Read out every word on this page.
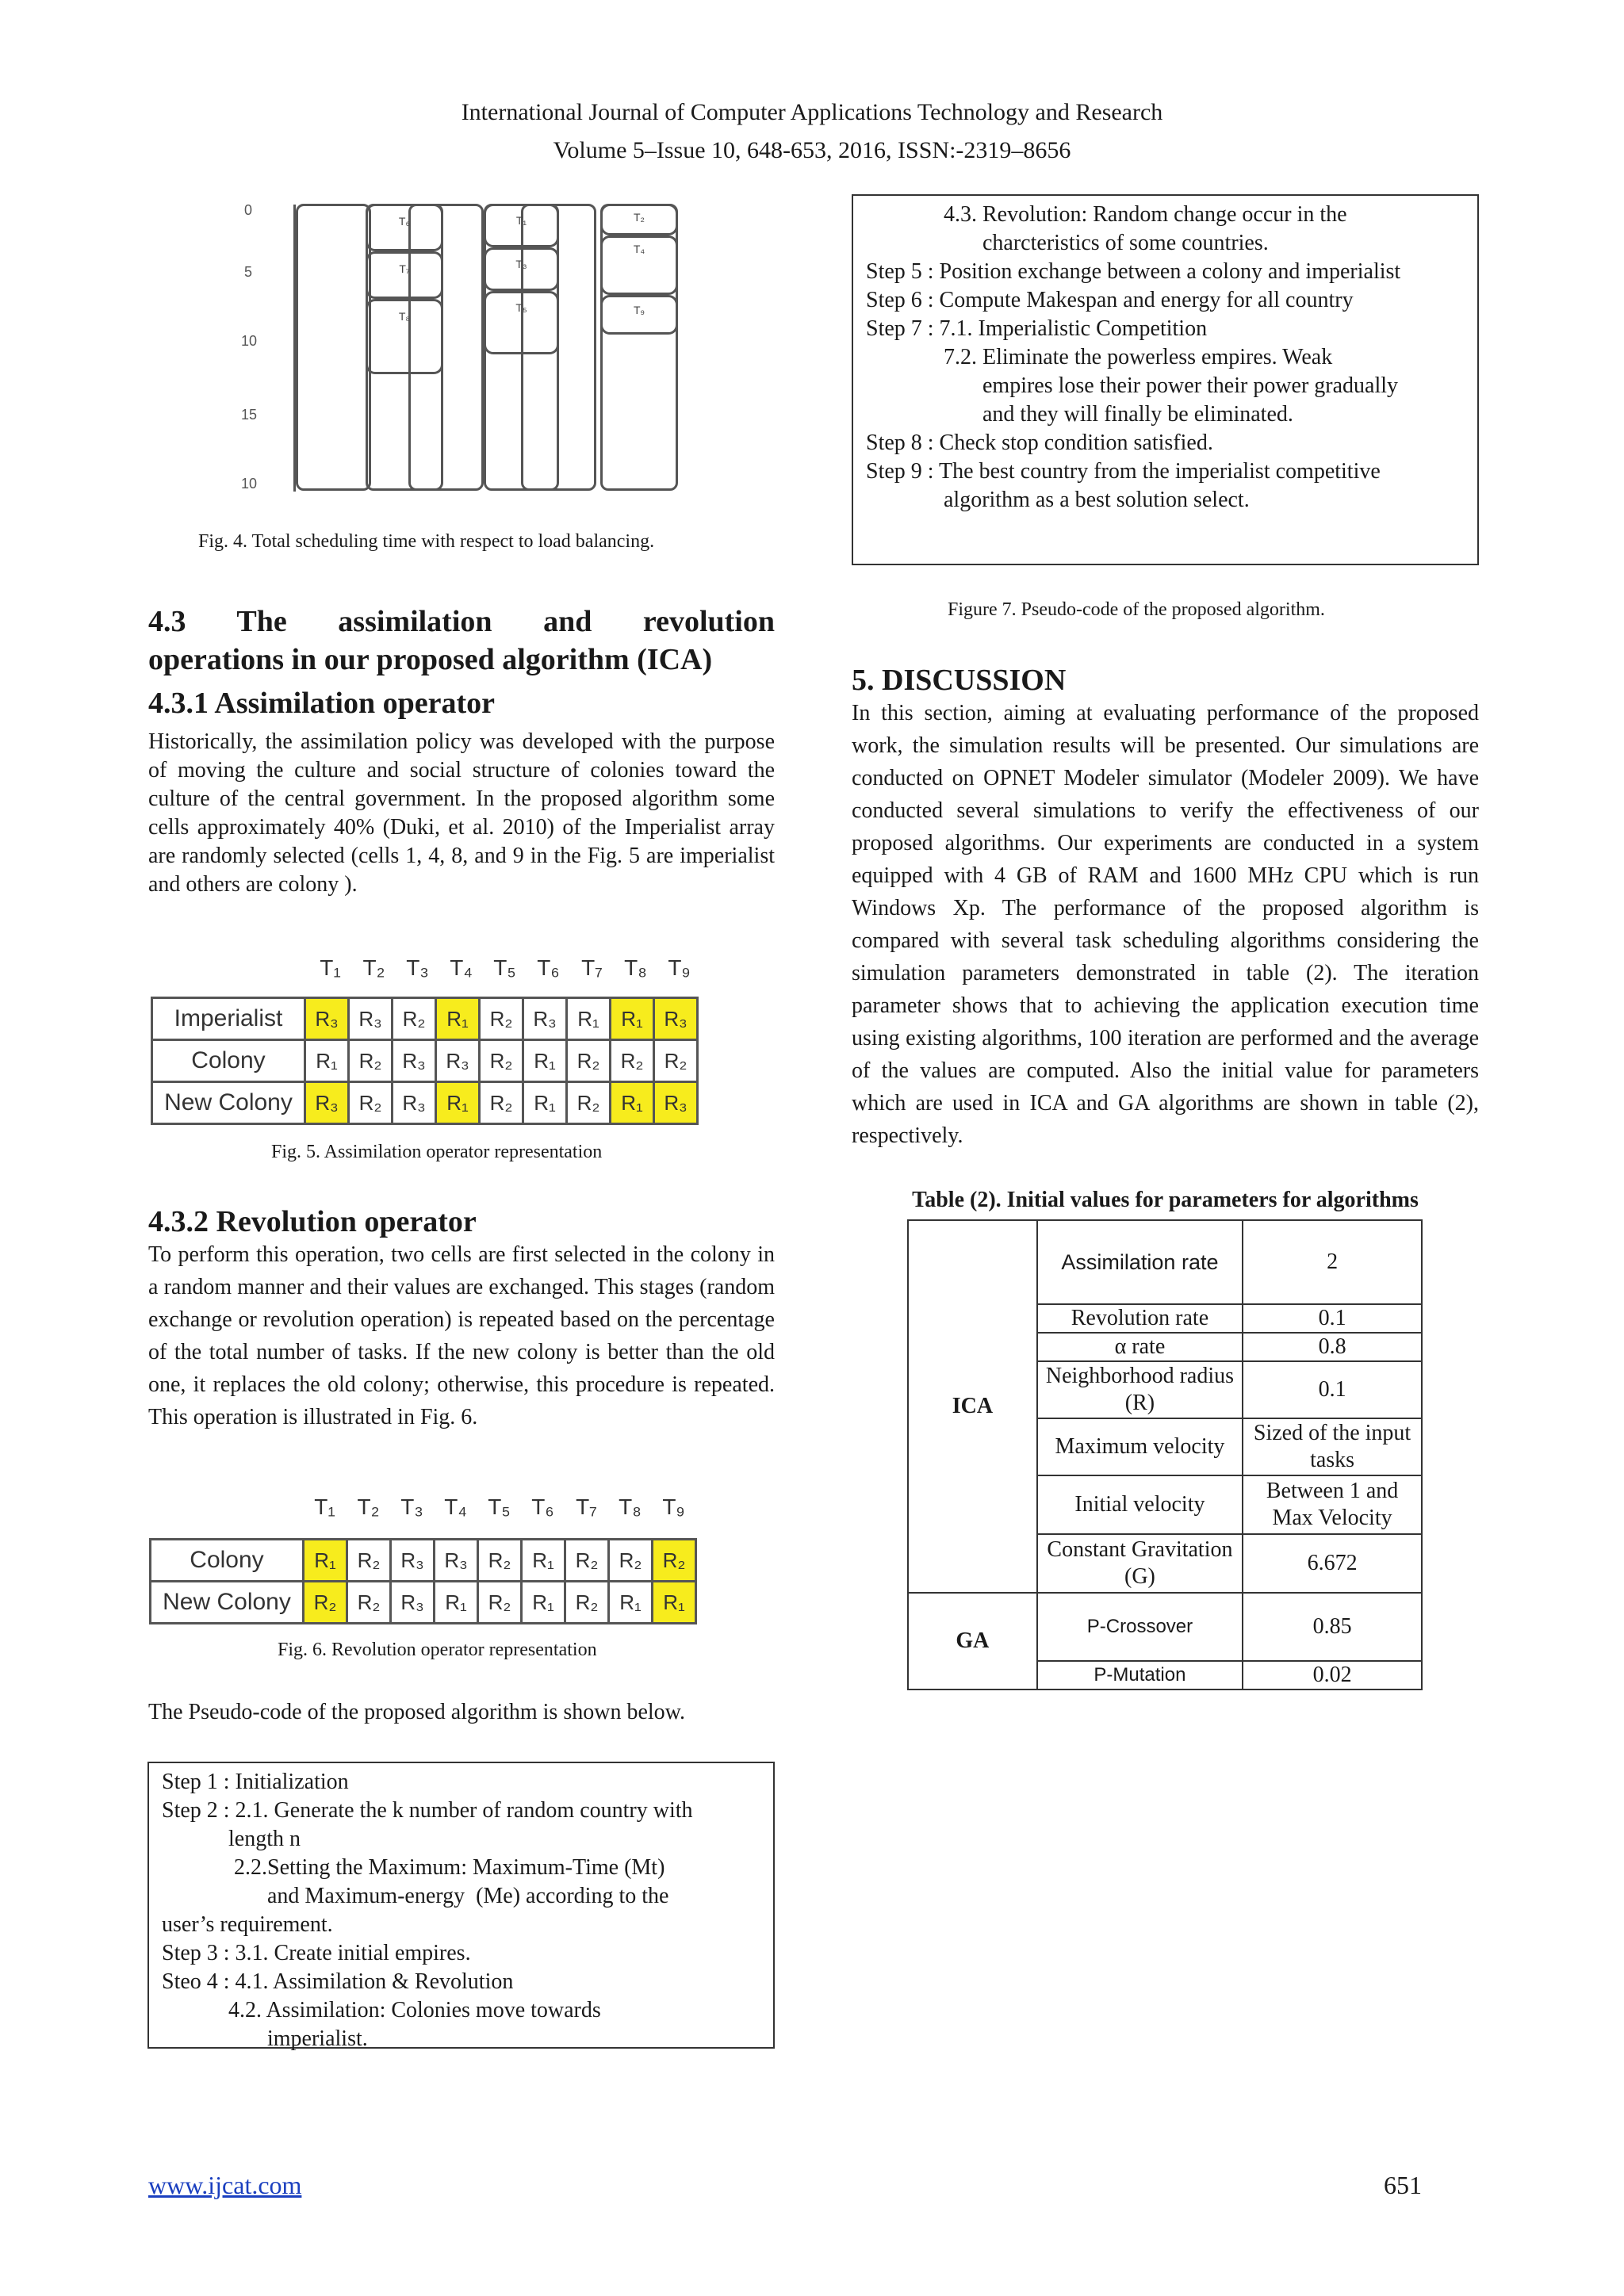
International Journal of Computer Applications Technology and Research
Volume 5–Issue 10, 648-653, 2016, ISSN:-2319–8656
0
5
10
15
10
T₆
T₇
T₈
T₁
T₃
T₅
T₂
T₄
T₉
Fig. 4. Total scheduling time with respect to load balancing.
4.3 The assimilation and revolution
operations in our proposed algorithm (ICA)
4.3.1 Assimilation operator
Historically, the assimilation policy was developed with the purpose of moving the culture and social structure of colonies toward the culture of the central government. In the proposed algorithm some cells approximately 40% (Duki, et al. 2010) of the Imperialist array are randomly selected (cells 1, 4, 8, and 9 in the Fig. 5 are imperialist and others are colony ).
T₁ T₂ T₃ T₄ T₅ T₆ T₇ T₈ T₉
Imperialist	R₃	R₃	R₂	R₁	R₂	R₃	R₁	R₁	R₃
Colony	R₁	R₂	R₃	R₃	R₂	R₁	R₂	R₂	R₂
New Colony	R₃	R₂	R₃	R₁	R₂	R₁	R₂	R₁	R₃
Fig. 5. Assimilation operator representation
4.3.2 Revolution operator
To perform this operation, two cells are first selected in the colony in a random manner and their values are exchanged. This stages (random exchange or revolution operation) is repeated based on the percentage of the total number of tasks. If the new colony is better than the old one, it replaces the old colony; otherwise, this procedure is repeated. This operation is illustrated in Fig. 6.
T₁ T₂ T₃ T₄ T₅ T₆ T₇ T₈ T₉
Colony	R₁	R₂	R₃	R₃	R₂	R₁	R₂	R₂	R₂
New Colony	R₂	R₂	R₃	R₁	R₂	R₁	R₂	R₁	R₁
Fig. 6. Revolution operator representation
The Pseudo-code of the proposed algorithm is shown below.
Step 1 : Initialization
Step 2 : 2.1. Generate the k number of random country with
length n
2.2.Setting the Maximum: Maximum-Time (Mt)
and Maximum-energy  (Me) according to the
user’s requirement.
Step 3 : 3.1. Create initial empires.
Steo 4 : 4.1. Assimilation & Revolution
4.2. Assimilation: Colonies move towards
imperialist.
4.3. Revolution: Random change occur in the
charcteristics of some countries.
Step 5 : Position exchange between a colony and imperialist
Step 6 : Compute Makespan and energy for all country
Step 7 : 7.1. Imperialistic Competition
7.2. Eliminate the powerless empires. Weak
empires lose their power their power gradually
and they will finally be eliminated.
Step 8 : Check stop condition satisfied.
Step 9 : The best country from the imperialist competitive
algorithm as a best solution select.
Figure 7. Pseudo-code of the proposed algorithm.
5. DISCUSSION
In this section, aiming at evaluating performance of the proposed work, the simulation results will be presented. Our simulations are conducted on OPNET Modeler simulator (Modeler 2009). We have conducted several simulations to verify the effectiveness of our proposed algorithms. Our experiments are conducted in a system equipped with 4 GB of RAM and 1600 MHz CPU which is run Windows Xp. The performance of the proposed algorithm is compared with several task scheduling algorithms considering the simulation parameters demonstrated in table (2). The iteration parameter shows that to achieving the application execution time using existing algorithms, 100 iteration are performed and the average of the values are computed. Also the initial value for parameters which are used in ICA and GA algorithms are shown in table (2), respectively.
Table (2). Initial values for parameters for algorithms
ICA	Assimilation rate	2
	Revolution rate	0.1
	α rate	0.8
	Neighborhood radius (R)	0.1
	Maximum velocity	Sized of the input tasks
	Initial velocity	Between 1 and Max Velocity
	Constant Gravitation (G)	6.672
GA	P-Crossover	0.85
	P-Mutation	0.02
www.ijcat.com	651
